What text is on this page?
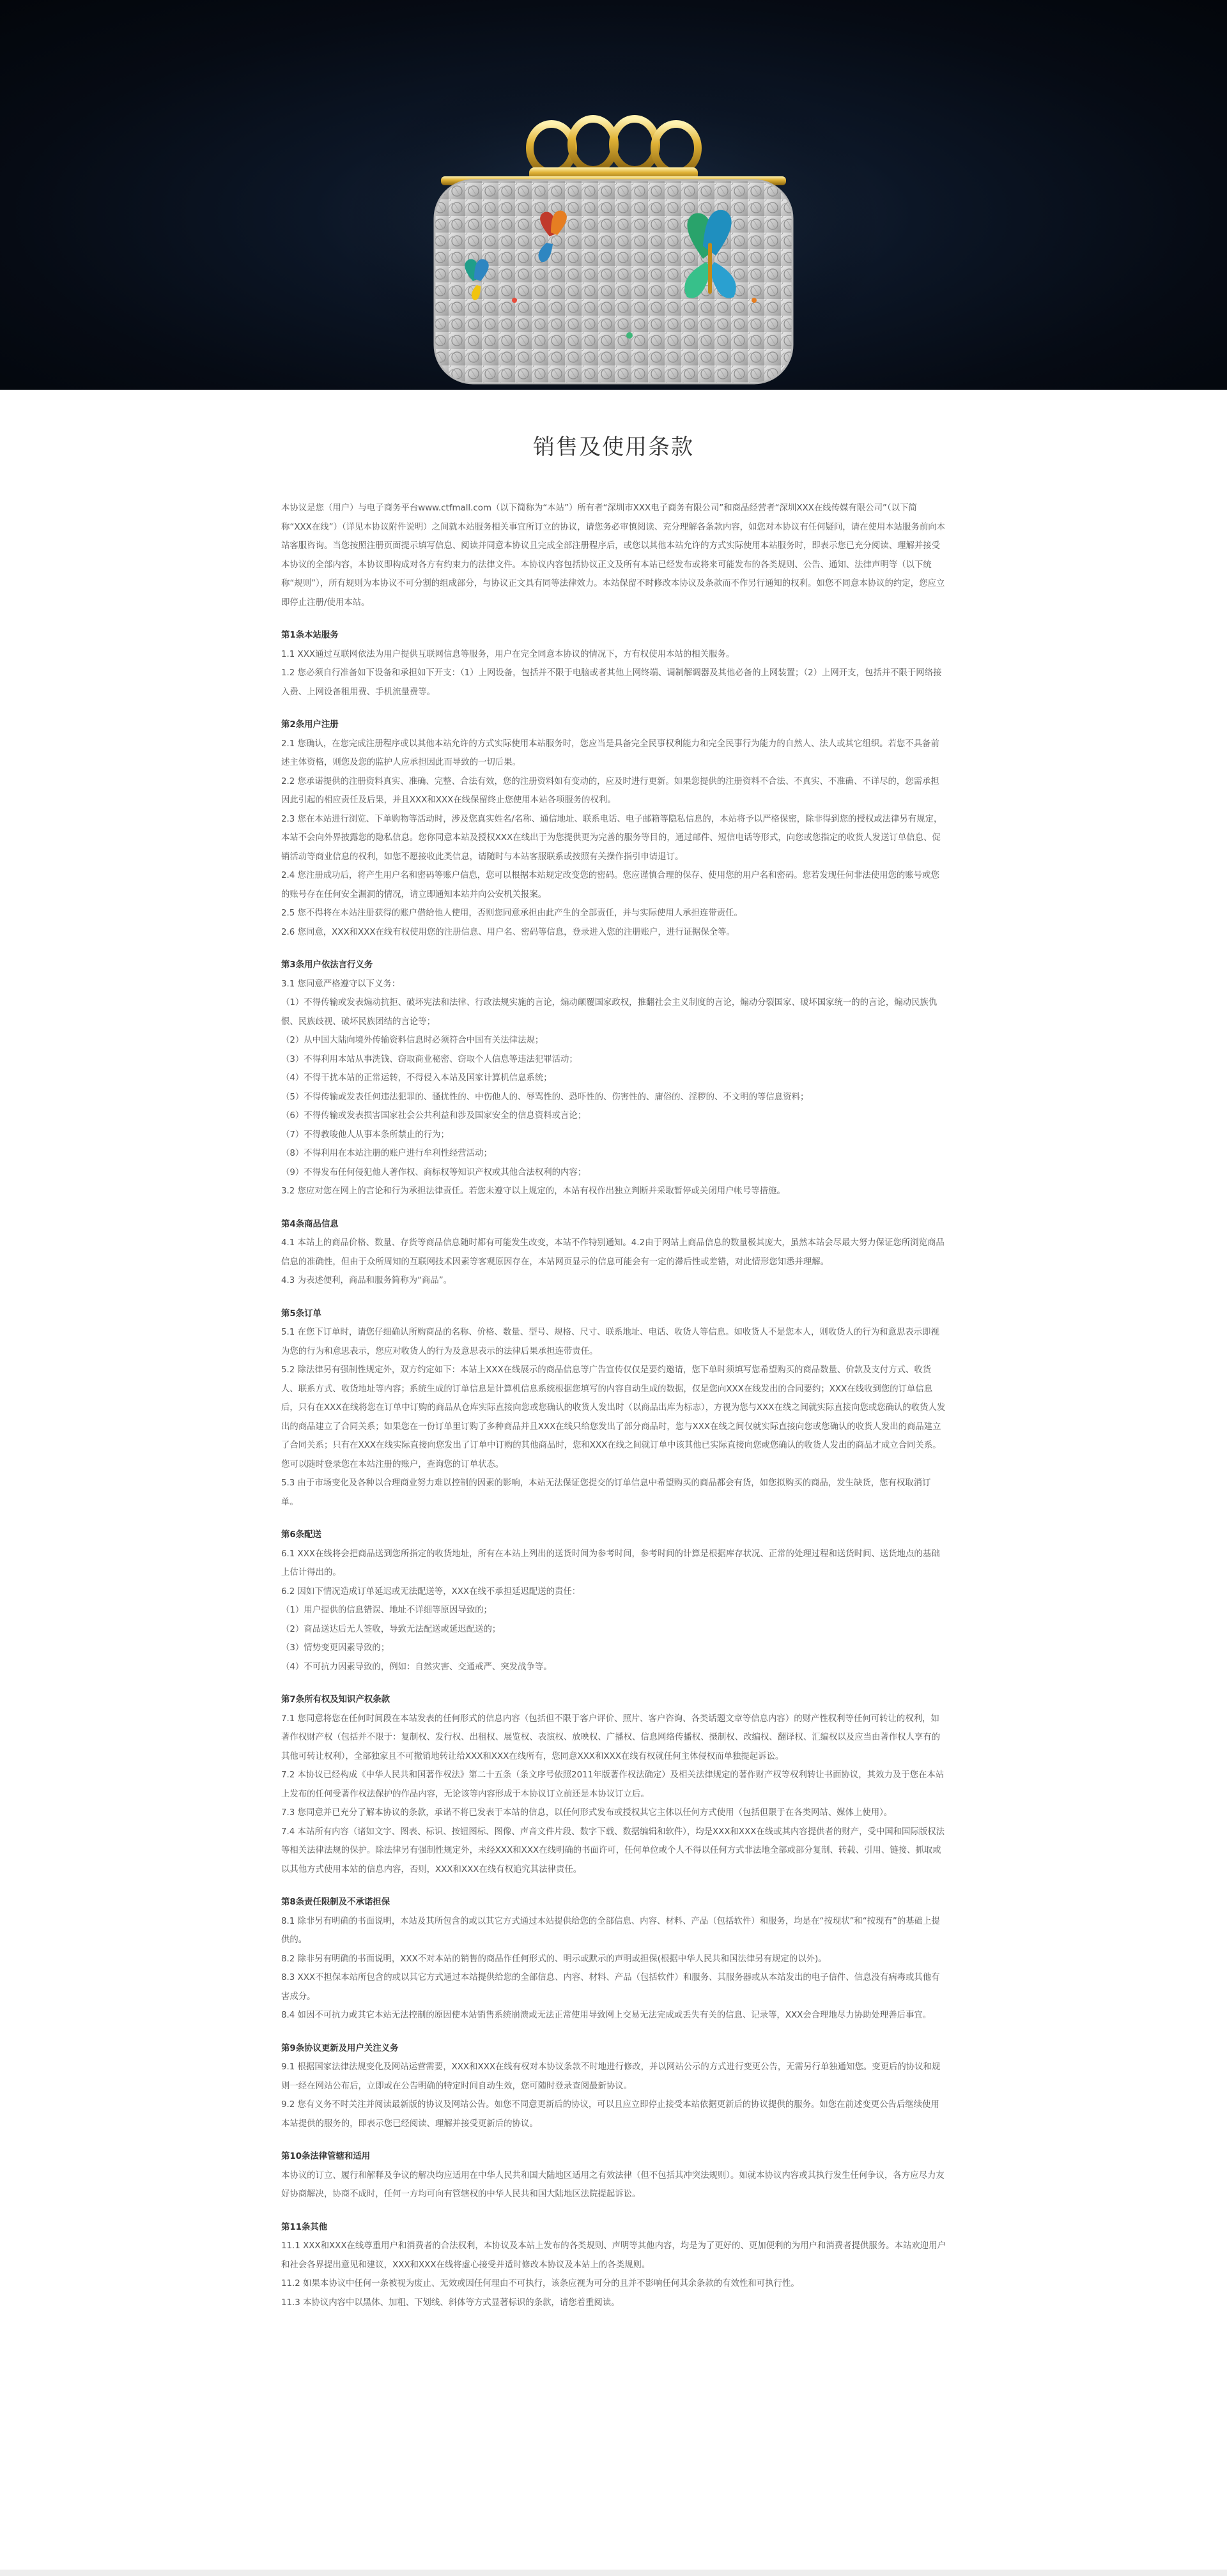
销售及使用条款

本协议是您（用户）与电子商务平台www.ctfmall.com（以下简称为“本站”）所有者“深圳市XXX电子商务有限公司”和商品经营者“深圳XXX在线传媒有限公司”（以下简称“XXX在线”）（详见本协议附件说明）之间就本站服务相关事宜所订立的协议，请您务必审慎阅读、充分理解各条款内容，如您对本协议有任何疑问，请在使用本站服务前向本站客服咨询。当您按照注册页面提示填写信息、阅读并同意本协议且完成全部注册程序后，或您以其他本站允许的方式实际使用本站服务时，即表示您已充分阅读、理解并接受本协议的全部内容，本协议即构成对各方有约束力的法律文件。本协议内容包括协议正文及所有本站已经发布或将来可能发布的各类规则、公告、通知、法律声明等（以下统称“规则”），所有规则为本协议不可分割的组成部分，与协议正文具有同等法律效力。本站保留不时修改本协议及条款而不作另行通知的权利。如您不同意本协议的约定，您应立即停止注册/使用本站。

第1条本站服务

1.1 XXX通过互联网依法为用户提供互联网信息等服务，用户在完全同意本协议的情况下，方有权使用本站的相关服务。

1.2 您必须自行准备如下设备和承担如下开支：（1）上网设备，包括并不限于电脑或者其他上网终端、调制解调器及其他必备的上网装置；（2）上网开支，包括并不限于网络接入费、上网设备租用费、手机流量费等。

第2条用户注册

2.1 您确认，在您完成注册程序或以其他本站允许的方式实际使用本站服务时，您应当是具备完全民事权利能力和完全民事行为能力的自然人、法人或其它组织。若您不具备前述主体资格，则您及您的监护人应承担因此而导致的一切后果。

2.2 您承诺提供的注册资料真实、准确、完整、合法有效，您的注册资料如有变动的，应及时进行更新。如果您提供的注册资料不合法、不真实、不准确、不详尽的，您需承担因此引起的相应责任及后果，并且XXX和XXX在线保留终止您使用本站各项服务的权利。

2.3 您在本站进行浏览、下单购物等活动时，涉及您真实姓名/名称、通信地址、联系电话、电子邮箱等隐私信息的，本站将予以严格保密，除非得到您的授权或法律另有规定，本站不会向外界披露您的隐私信息。您你同意本站及授权XXX在线出于为您提供更为完善的服务等目的，通过邮件、短信电话等形式，向您或您指定的收货人发送订单信息、促销活动等商业信息的权利，如您不愿接收此类信息，请随时与本站客服联系或按照有关操作指引申请退订。

2.4 您注册成功后，将产生用户名和密码等账户信息，您可以根据本站规定改变您的密码。您应谨慎合理的保存、使用您的用户名和密码。您若发现任何非法使用您的账号或您的账号存在任何安全漏洞的情况，请立即通知本站并向公安机关报案。

2.5 您不得将在本站注册获得的账户借给他人使用，否则您同意承担由此产生的全部责任，并与实际使用人承担连带责任。

2.6 您同意，XXX和XXX在线有权使用您的注册信息、用户名、密码等信息，登录进入您的注册账户，进行证据保全等。

第3条用户依法言行义务

3.1 您同意严格遵守以下义务：

（1）不得传输或发表煽动抗拒、破坏宪法和法律、行政法规实施的言论，煽动颠覆国家政权，推翻社会主义制度的言论，煽动分裂国家、破坏国家统一的的言论，煽动民族仇恨、民族歧视、破坏民族团结的言论等；

（2）从中国大陆向境外传输资料信息时必须符合中国有关法律法规；

（3）不得利用本站从事洗钱、窃取商业秘密、窃取个人信息等违法犯罪活动；

（4）不得干扰本站的正常运转，不得侵入本站及国家计算机信息系统；

（5）不得传输或发表任何违法犯罪的、骚扰性的、中伤他人的、辱骂性的、恐吓性的、伤害性的、庸俗的、淫秽的、不文明的等信息资料；

（6）不得传输或发表损害国家社会公共利益和涉及国家安全的信息资料或言论；

（7）不得教唆他人从事本条所禁止的行为；

（8）不得利用在本站注册的账户进行牟利性经营活动；

（9）不得发布任何侵犯他人著作权、商标权等知识产权或其他合法权利的内容；

3.2 您应对您在网上的言论和行为承担法律责任。若您未遵守以上规定的，本站有权作出独立判断并采取暂停或关闭用户帐号等措施。

第4条商品信息

4.1 本站上的商品价格、数量、存货等商品信息随时都有可能发生改变，本站不作特别通知。4.2由于网站上商品信息的数量极其庞大，虽然本站会尽最大努力保证您所浏览商品信息的准确性，但由于众所周知的互联网技术因素等客观原因存在，本站网页显示的信息可能会有一定的滞后性或差错，对此情形您知悉并理解。

4.3 为表述便利，商品和服务简称为“商品”。

第5条订单

5.1 在您下订单时，请您仔细确认所购商品的名称、价格、数量、型号、规格、尺寸、联系地址、电话、收货人等信息。如收货人不是您本人，则收货人的行为和意思表示即视为您的行为和意思表示，您应对收货人的行为及意思表示的法律后果承担连带责任。

5.2 除法律另有强制性规定外，双方约定如下：本站上XXX在线展示的商品信息等广告宣传仅仅是要约邀请，您下单时须填写您希望购买的商品数量、价款及支付方式、收货人、联系方式、收货地址等内容；系统生成的订单信息是计算机信息系统根据您填写的内容自动生成的数据，仅是您向XXX在线发出的合同要约；XXX在线收到您的订单信息后，只有在XXX在线将您在订单中订购的商品从仓库实际直接向您或您确认的收货人发出时（以商品出库为标志），方视为您与XXX在线之间就实际直接向您或您确认的收货人发出的商品建立了合同关系；如果您在一份订单里订购了多种商品并且XXX在线只给您发出了部分商品时，您与XXX在线之间仅就实际直接向您或您确认的收货人发出的商品建立了合同关系；只有在XXX在线实际直接向您发出了订单中订购的其他商品时，您和XXX在线之间就订单中该其他已实际直接向您或您确认的收货人发出的商品才成立合同关系。您可以随时登录您在本站注册的账户，查询您的订单状态。

5.3 由于市场变化及各种以合理商业努力难以控制的因素的影响，本站无法保证您提交的订单信息中希望购买的商品都会有货，如您拟购买的商品，发生缺货，您有权取消订单。

第6条配送

6.1 XXX在线将会把商品送到您所指定的收货地址，所有在本站上列出的送货时间为参考时间，参考时间的计算是根据库存状况、正常的处理过程和送货时间、送货地点的基础上估计得出的。

6.2 因如下情况造成订单延迟或无法配送等，XXX在线不承担延迟配送的责任：

（1）用户提供的信息错误、地址不详细等原因导致的；

（2）商品送达后无人签收，导致无法配送或延迟配送的；

（3）情势变更因素导致的；

（4）不可抗力因素导致的，例如：自然灾害、交通戒严、突发战争等。

第7条所有权及知识产权条款

7.1 您同意将您在任何时间段在本站发表的任何形式的信息内容（包括但不限于客户评价、照片、客户咨询、各类话题文章等信息内容）的财产性权利等任何可转让的权利，如著作权财产权（包括并不限于：复制权、发行权、出租权、展览权、表演权、放映权、广播权、信息网络传播权、摄制权、改编权、翻译权、汇编权以及应当由著作权人享有的其他可转让权利），全部独家且不可撤销地转让给XXX和XXX在线所有，您同意XXX和XXX在线有权就任何主体侵权而单独提起诉讼。

7.2 本协议已经构成《中华人民共和国著作权法》第二十五条（条文序号依照2011年版著作权法确定）及相关法律规定的著作财产权等权利转让书面协议，其效力及于您在本站上发布的任何受著作权法保护的作品内容，无论该等内容形成于本协议订立前还是本协议订立后。

7.3 您同意并已充分了解本协议的条款，承诺不将已发表于本站的信息，以任何形式发布或授权其它主体以任何方式使用（包括但限于在各类网站、媒体上使用）。

7.4 本站所有内容（诸如文字、图表、标识、按钮图标、图像、声音文件片段、数字下载、数据编辑和软件），均是XXX和XXX在线或其内容提供者的财产，受中国和国际版权法等相关法律法规的保护。除法律另有强制性规定外，未经XXX和XXX在线明确的书面许可，任何单位或个人不得以任何方式非法地全部或部分复制、转载、引用、链接、抓取或以其他方式使用本站的信息内容，否则，XXX和XXX在线有权追究其法律责任。

第8条责任限制及不承诺担保

8.1 除非另有明确的书面说明，本站及其所包含的或以其它方式通过本站提供给您的全部信息、内容、材料、产品（包括软件）和服务，均是在“按现状”和“按现有”的基础上提供的。

8.2 除非另有明确的书面说明，XXX不对本站的销售的商品作任何形式的、明示或默示的声明或担保(根据中华人民共和国法律另有规定的以外)。

8.3 XXX不担保本站所包含的或以其它方式通过本站提供给您的全部信息、内容、材料、产品（包括软件）和服务、其服务器或从本站发出的电子信件、信息没有病毒或其他有害成分。

8.4 如因不可抗力或其它本站无法控制的原因使本站销售系统崩溃或无法正常使用导致网上交易无法完成或丢失有关的信息、记录等，XXX会合理地尽力协助处理善后事宜。

第9条协议更新及用户关注义务

9.1 根据国家法律法规变化及网站运营需要，XXX和XXX在线有权对本协议条款不时地进行修改，并以网站公示的方式进行变更公告，无需另行单独通知您。变更后的协议和规则一经在网站公布后，立即或在公告明确的特定时间自动生效，您可随时登录查阅最新协议。

9.2 您有义务不时关注并阅读最新版的协议及网站公告。如您不同意更新后的协议，可以且应立即停止接受本站依据更新后的协议提供的服务。如您在前述变更公告后继续使用本站提供的服务的，即表示您已经阅读、理解并接受更新后的协议。

第10条法律管辖和适用

本协议的订立、履行和解释及争议的解决均应适用在中华人民共和国大陆地区适用之有效法律（但不包括其冲突法规则）。如就本协议内容或其执行发生任何争议，各方应尽力友好协商解决，协商不成时，任何一方均可向有管辖权的中华人民共和国大陆地区法院提起诉讼。

第11条其他

11.1 XXX和XXX在线尊重用户和消费者的合法权利，本协议及本站上发布的各类规则、声明等其他内容，均是为了更好的、更加便利的为用户和消费者提供服务。本站欢迎用户和社会各界提出意见和建议，XXX和XXX在线将虚心接受并适时修改本协议及本站上的各类规则。

11.2 如果本协议中任何一条被视为废止、无效或因任何理由不可执行，该条应视为可分的且并不影响任何其余条款的有效性和可执行性。

11.3 本协议内容中以黑体、加粗、下划线、斜体等方式显著标识的条款，请您着重阅读。
